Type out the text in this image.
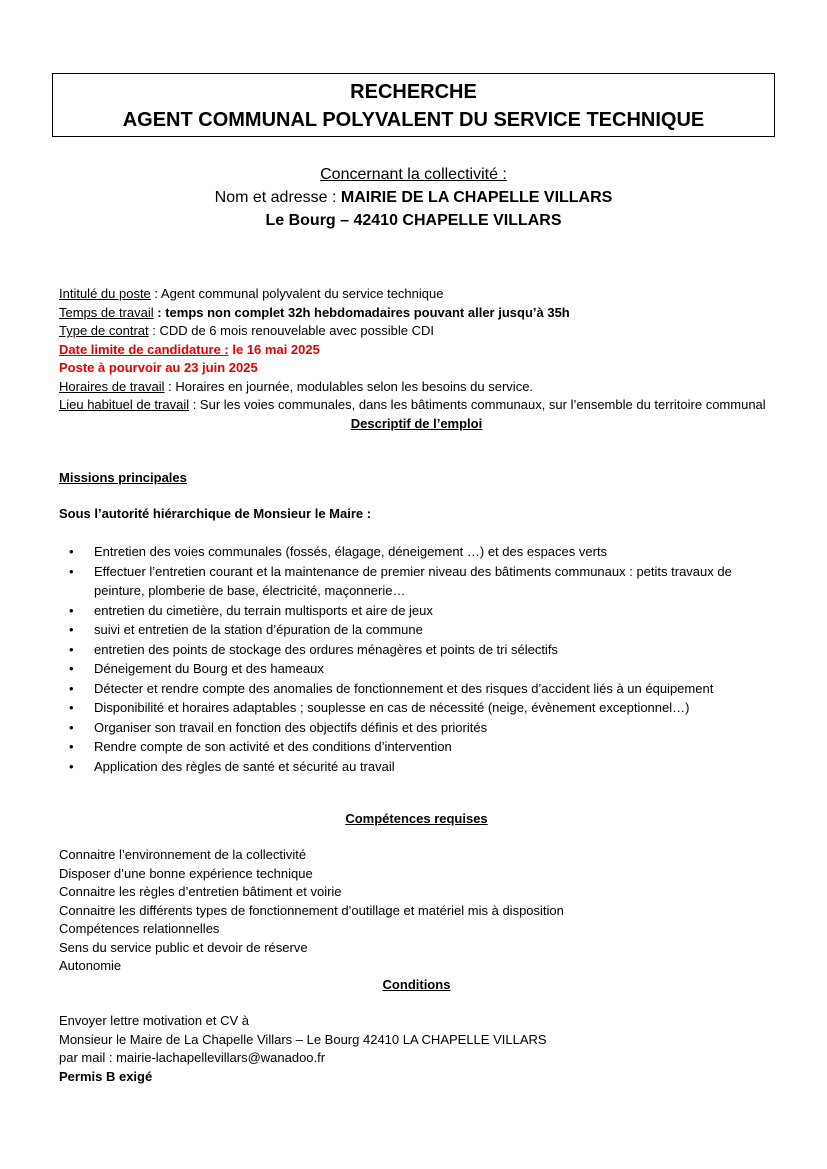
RECHERCHE
AGENT COMMUNAL POLYVALENT DU SERVICE TECHNIQUE
Concernant la collectivité :
Nom et adresse : MAIRIE DE LA CHAPELLE VILLARS
Le Bourg – 42410 CHAPELLE VILLARS
Intitulé du poste : Agent communal polyvalent du service technique
Temps de travail : temps non complet 32h hebdomadaires pouvant aller jusqu’à 35h
Type de contrat : CDD de 6 mois renouvelable avec possible CDI
Date limite de candidature : le 16 mai 2025
Poste à pourvoir au 23 juin 2025
Horaires de travail : Horaires en journée, modulables selon les besoins du service.
Lieu habituel de travail : Sur les voies communales, dans les bâtiments communaux, sur l’ensemble du territoire communal
Descriptif de l’emploi
Missions principales
Sous l’autorité hiérarchique de Monsieur le Maire :
• Entretien des voies communales (fossés, élagage, déneigement …) et des espaces verts
• Effectuer l’entretien courant et la maintenance de premier niveau des bâtiments communaux : petits travaux de peinture, plomberie de base, électricité, maçonnerie…
• entretien du cimetière, du terrain multisports et aire de jeux
• suivi et entretien de la station d’épuration de la commune
• entretien des points de stockage des ordures ménagères et points de tri sélectifs
• Déneigement du Bourg et des hameaux
• Détecter et rendre compte des anomalies de fonctionnement et des risques d’accident liés à un équipement
• Disponibilité et horaires adaptables ; souplesse en cas de nécessité (neige, évènement exceptionnel…)
• Organiser son travail en fonction des objectifs définis et des priorités
• Rendre compte de son activité et des conditions d’intervention
• Application des règles de santé et sécurité au travail
Compétences requises
Connaitre l’environnement de la collectivité
Disposer d’une bonne expérience technique
Connaitre les règles d’entretien bâtiment et voirie
Connaitre les différents types de fonctionnement d’outillage et matériel mis à disposition
Compétences relationnelles
Sens du service public et devoir de réserve
Autonomie
Conditions
Envoyer lettre motivation et CV à
Monsieur le Maire de La Chapelle Villars – Le Bourg 42410 LA CHAPELLE VILLARS
par mail : mairie-lachapellevillars@wanadoo.fr
Permis B exigé
